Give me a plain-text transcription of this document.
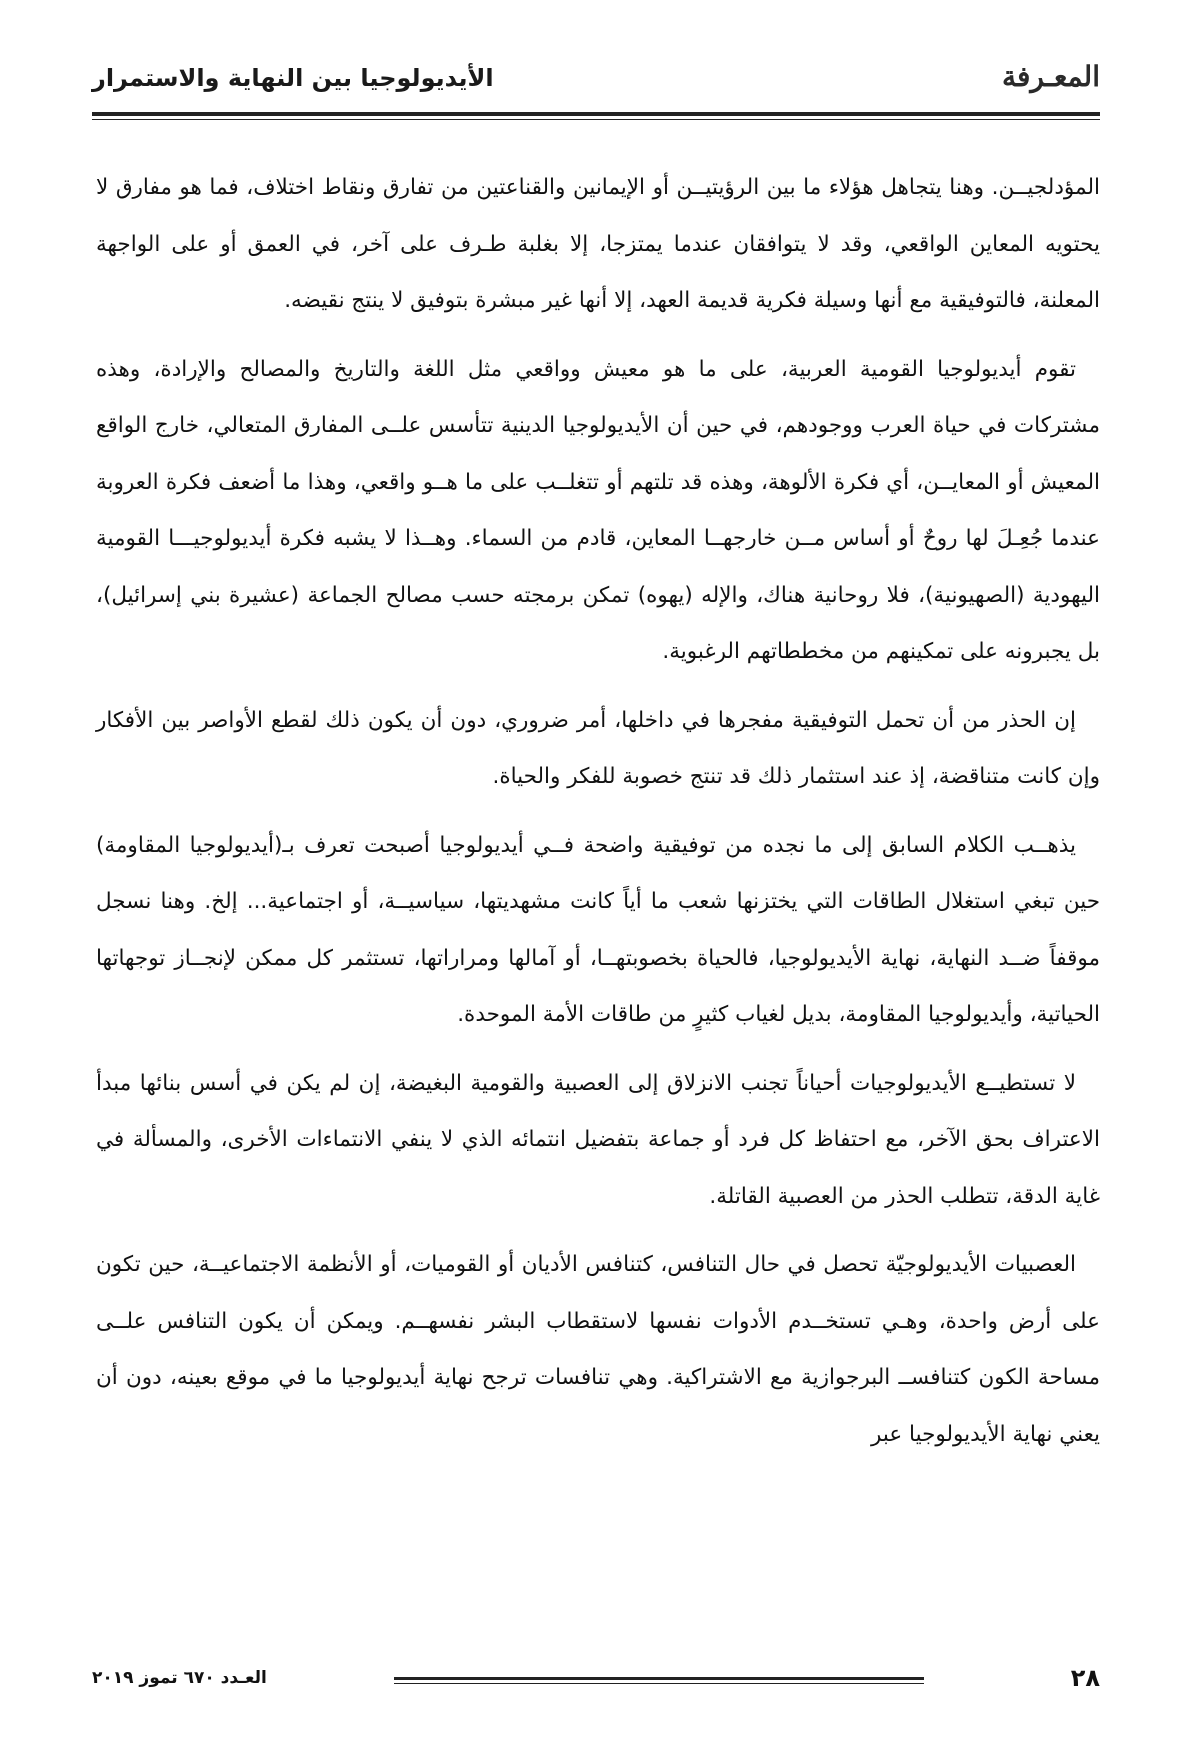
المعـرفة
الأيديولوجيا بين النهاية والاستمرار

المؤدلجيــن. وهنا يتجاهل هؤلاء ما بين الرؤيتيــن أو الإيمانين والقناعتين من تفارق ونقاط اختلاف، فما هو مفارق لا يحتويه المعاين الواقعي، وقد لا يتوافقان عندما يمتزجا، إلا بغلبة طـرف على آخر، في العمق أو على الواجهة المعلنة، فالتوفيقية مع أنها وسيلة فكرية قديمة العهد، إلا أنها غير مبشرة بتوفيق لا ينتج نقيضه.

تقوم أيديولوجيا القومية العربية، على ما هو معيش وواقعي مثل اللغة والتاريخ والمصالح والإرادة، وهذه مشتركات في حياة العرب ووجودهم، في حين أن الأيديولوجيا الدينية تتأسس علــى المفارق المتعالي، خارج الواقع المعيش أو المعايــن، أي فكرة الألوهة، وهذه قد تلتهم أو تتغلــب على ما هــو واقعي، وهذا ما أضعف فكرة العروبة عندما جُعِـلَ لها روحٌ أو أساس مــن خارجهــا المعاين، قادم من السماء. وهــذا لا يشبه فكرة أيديولوجيـــا القومية اليهودية (الصهيونية)، فلا روحانية هناك، والإله (يهوه) تمكن برمجته حسب مصالح الجماعة (عشيرة بني إسرائيل)، بل يجبرونه على تمكينهم من مخططاتهم الرغبوية.

إن الحذر من أن تحمل التوفيقية مفجرها في داخلها، أمر ضروري، دون أن يكون ذلك لقطع الأواصر بين الأفكار وإن كانت متناقضة، إذ عند استثمار ذلك قد تنتج خصوبة للفكر والحياة.

يذهــب الكلام السابق إلى ما نجده من توفيقية واضحة فــي أيديولوجيا أصبحت تعرف بـ(أيديولوجيا المقاومة) حين تبغي استغلال الطاقات التي يختزنها شعب ما أياً كانت مشهديتها، سياسيــة، أو اجتماعية... إلخ. وهنا نسجل موقفاً ضــد النهاية، نهاية الأيديولوجيا، فالحياة بخصوبتهــا، أو آمالها ومراراتها، تستثمر كل ممكن لإنجــاز توجهاتها الحياتية، وأيديولوجيا المقاومة، بديل لغياب كثيرٍ من طاقات الأمة الموحدة.

لا تستطيــع الأيديولوجيات أحياناً تجنب الانزلاق إلى العصبية والقومية البغيضة، إن لم يكن في أسس بنائها مبدأ الاعتراف بحق الآخر، مع احتفاظ كل فرد أو جماعة بتفضيل انتمائه الذي لا ينفي الانتماءات الأخرى، والمسألة في غاية الدقة، تتطلب الحذر من العصبية القاتلة.

العصبيات الأيديولوجيّة تحصل في حال التنافس، كتنافس الأديان أو القوميات، أو الأنظمة الاجتماعيــة، حين تكون على أرض واحدة، وهـي تستخــدم الأدوات نفسها لاستقطاب البشر نفسهــم. ويمكن أن يكون التنافس علــى مساحة الكون كتنافســ البرجوازية مع الاشتراكية. وهي تنافسات ترجح نهاية أيديولوجيا ما في موقع بعينه، دون أن يعني نهاية الأيديولوجيا عبر

٢٨
العـدد ٦٧٠ تموز ٢٠١٩
